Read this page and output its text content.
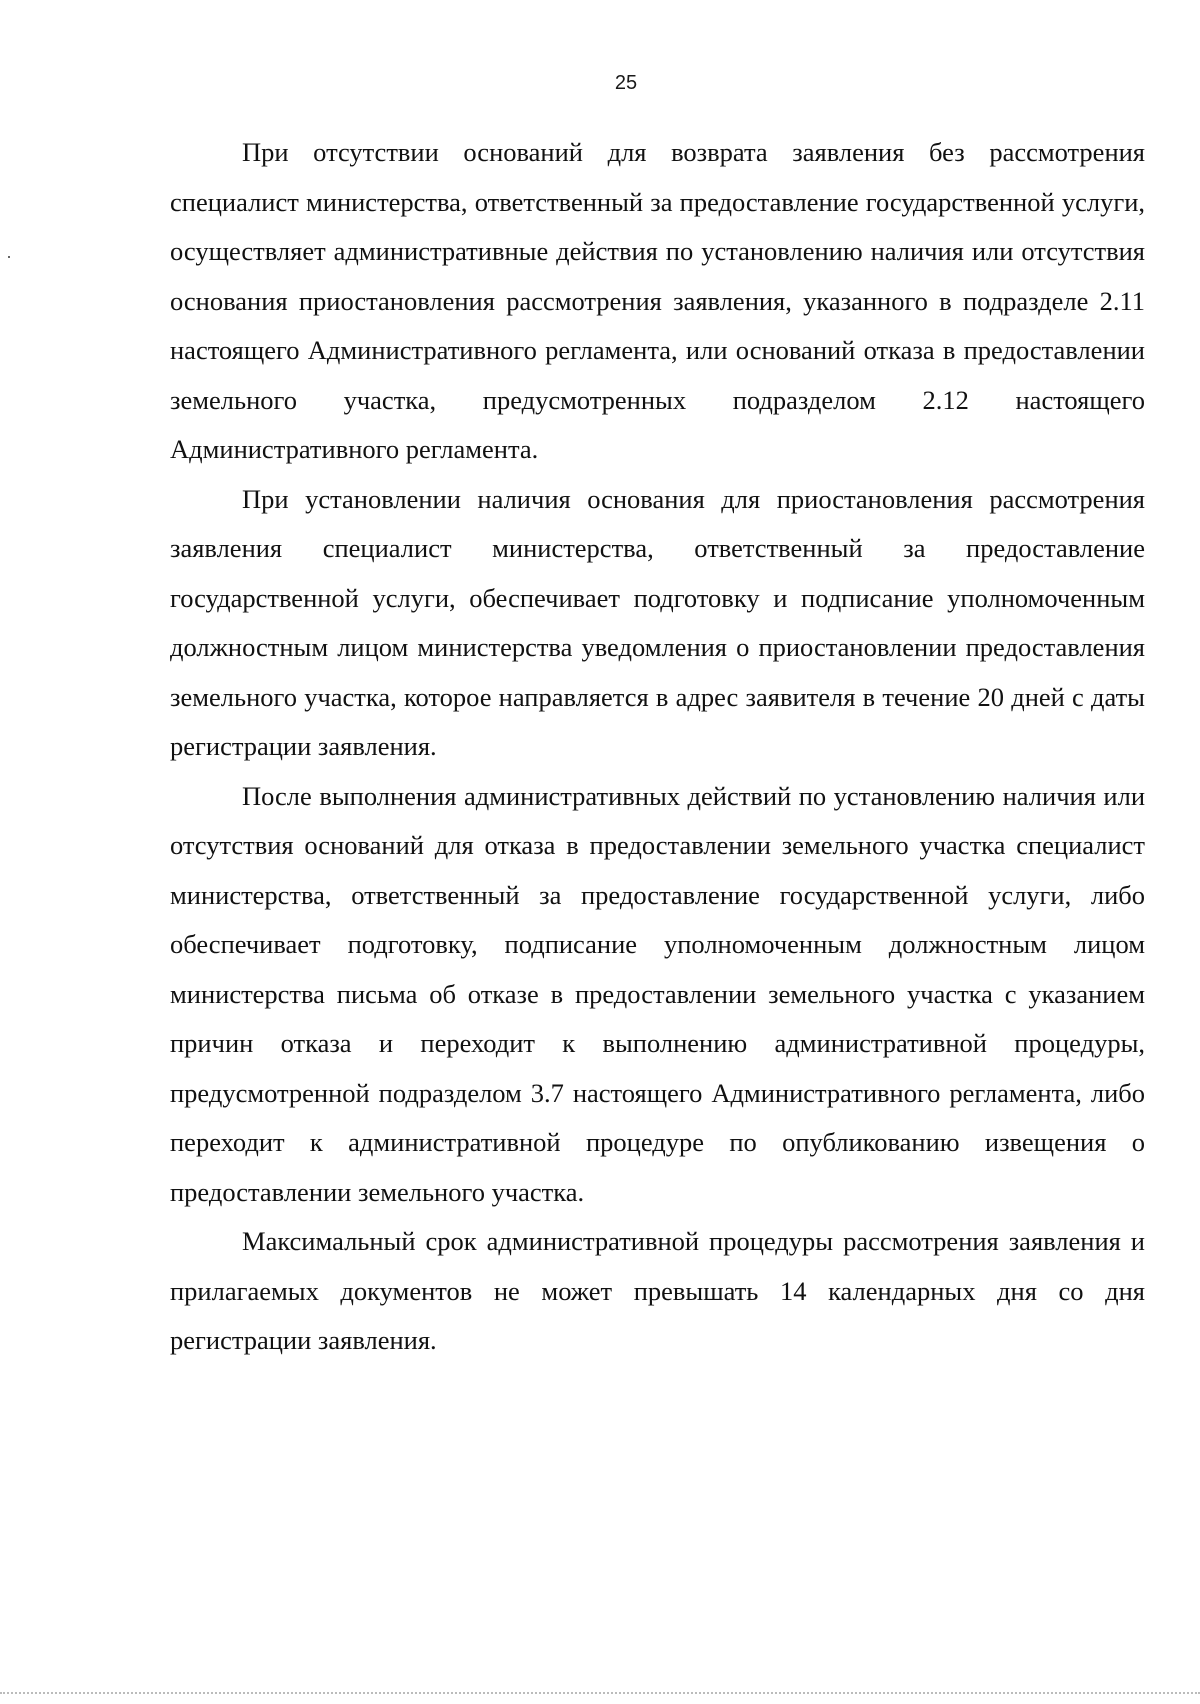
25

При отсутствии оснований для возврата заявления без рассмотрения специалист министерства, ответственный за предоставление государственной услуги, осуществляет административные действия по установлению наличия или отсутствия основания приостановления рассмотрения заявления, указанного в подразделе 2.11 настоящего Административного регламента, или оснований отказа в предоставлении земельного участка, предусмотренных подразделом 2.12 настоящего Административного регламента.

При установлении наличия основания для приостановления рассмотрения заявления специалист министерства, ответственный за предоставление государственной услуги, обеспечивает подготовку и подписание уполномоченным должностным лицом министерства уведомления о приостановлении предоставления земельного участка, которое направляется в адрес заявителя в течение 20 дней с даты регистрации заявления.

После выполнения административных действий по установлению наличия или отсутствия оснований для отказа в предоставлении земельного участка специалист министерства, ответственный за предоставление государственной услуги, либо обеспечивает подготовку, подписание уполномоченным должностным лицом министерства письма об отказе в предоставлении земельного участка с указанием причин отказа и переходит к выполнению административной процедуры, предусмотренной подразделом 3.7 настоящего Административного регламента, либо переходит к административной процедуре по опубликованию извещения о предоставлении земельного участка.

Максимальный срок административной процедуры рассмотрения заявления и прилагаемых документов не может превышать 14 календарных дня со дня регистрации заявления.
